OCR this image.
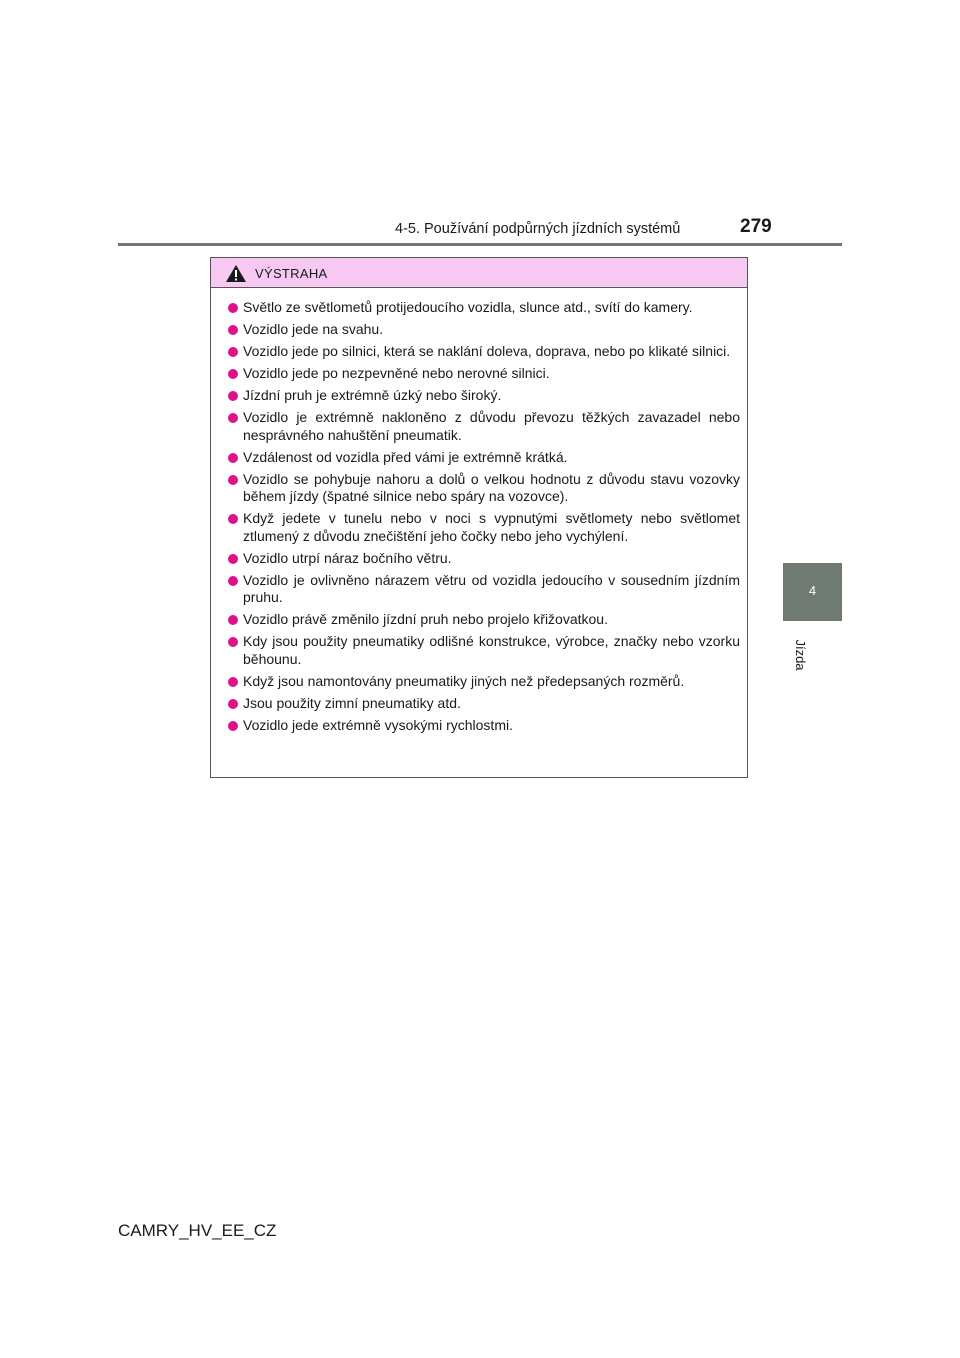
4-5. Používání podpůrných jízdních systémů	279
4
Jízda
VÝSTRAHA
Světlo ze světlometů protijedoucího vozidla, slunce atd., svítí do kamery.
Vozidlo jede na svahu.
Vozidlo jede po silnici, která se naklání doleva, doprava, nebo po klikaté silnici.
Vozidlo jede po nezpevněné nebo nerovné silnici.
Jízdní pruh je extrémně úzký nebo široký.
Vozidlo je extrémně nakloněno z důvodu převozu těžkých zavazadel nebo nesprávného nahuštění pneumatik.
Vzdálenost od vozidla před vámi je extrémně krátká.
Vozidlo se pohybuje nahoru a dolů o velkou hodnotu z důvodu stavu vozovky během jízdy (špatné silnice nebo spáry na vozovce).
Když jedete v tunelu nebo v noci s vypnutými světlomety nebo světlomet ztlumený z důvodu znečištění jeho čočky nebo jeho vychýlení.
Vozidlo utrpí náraz bočního větru.
Vozidlo je ovlivněno nárazem větru od vozidla jedoucího v sousedním jízdním pruhu.
Vozidlo právě změnilo jízdní pruh nebo projelo křižovatkou.
Kdy jsou použity pneumatiky odlišné konstrukce, výrobce, značky nebo vzorku běhounu.
Když jsou namontovány pneumatiky jiných než předepsaných rozměrů.
Jsou použity zimní pneumatiky atd.
Vozidlo jede extrémně vysokými rychlostmi.
CAMRY_HV_EE_CZ
